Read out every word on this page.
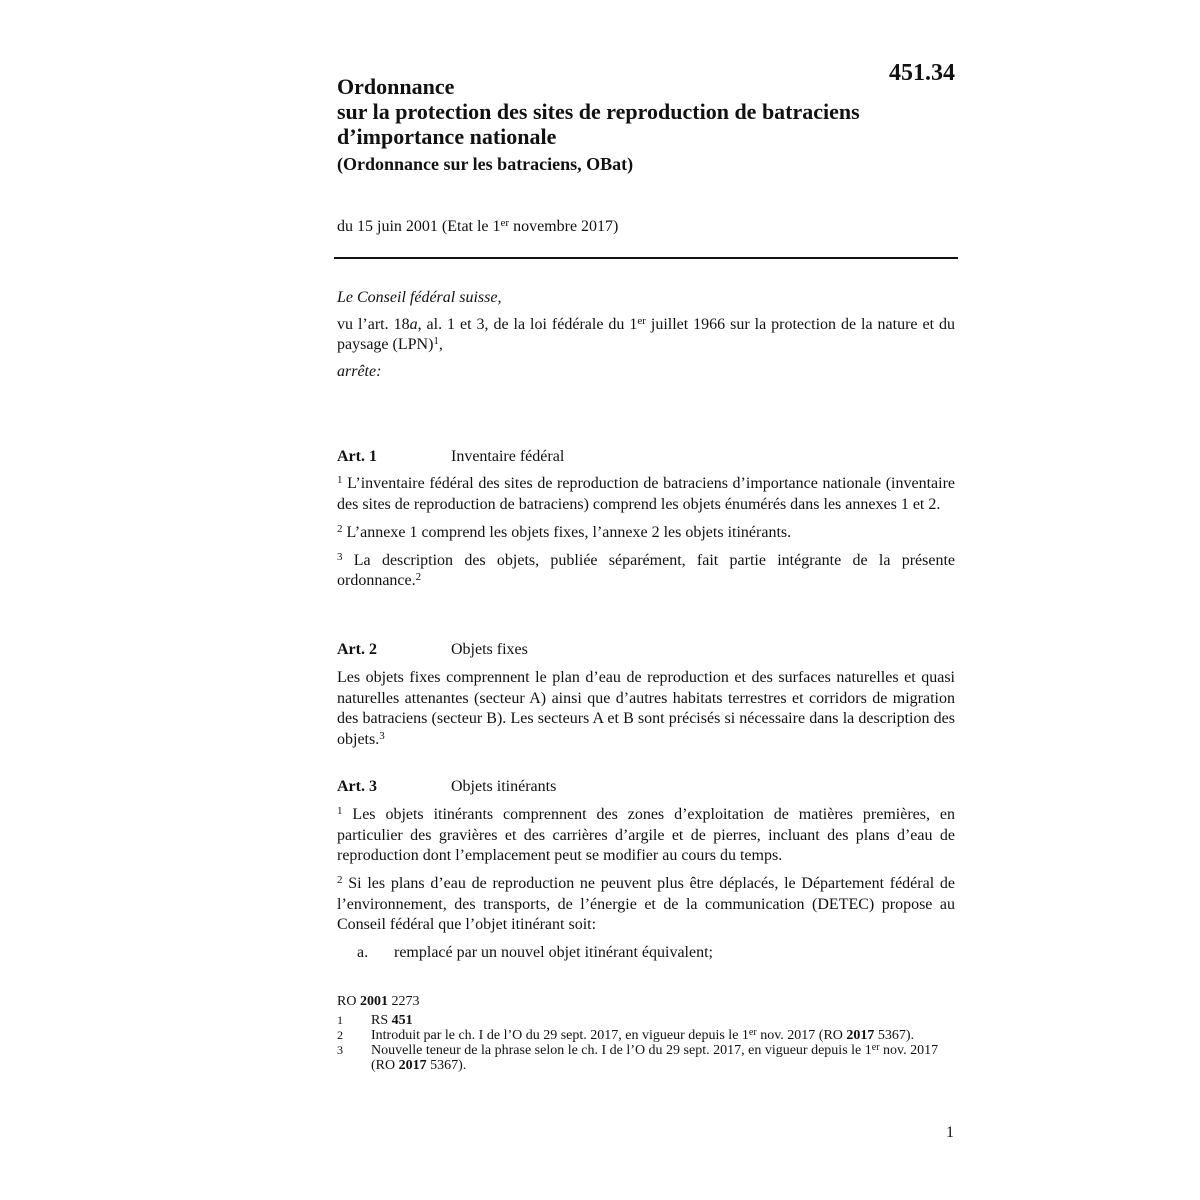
451.34
Ordonnance
sur la protection des sites de reproduction de batraciens
d’importance nationale
(Ordonnance sur les batraciens, OBat)
du 15 juin 2001 (Etat le 1er novembre 2017)

Le Conseil fédéral suisse,

vu l’art. 18a, al. 1 et 3, de la loi fédérale du 1er juillet 1966 sur la protection de la nature et du paysage (LPN)$^1$,

arrête:

Art. 1	Inventaire fédéral

$^1$ L’inventaire fédéral des sites de reproduction de batraciens d’importance nationale (inventaire des sites de reproduction de batraciens) comprend les objets énumérés dans les annexes 1 et 2.

$^2$ L’annexe 1 comprend les objets fixes, l’annexe 2 les objets itinérants.

$^3$ La description des objets, publiée séparément, fait partie intégrante de la présente ordonnance.$^2$

Art. 2	Objets fixes

Les objets fixes comprennent le plan d’eau de reproduction et des surfaces naturelles et quasi naturelles attenantes (secteur A) ainsi que d’autres habitats terrestres et corridors de migration des batraciens (secteur B). Les secteurs A et B sont précisés si nécessaire dans la description des objets.$^3$

Art. 3	Objets itinérants

$^1$ Les objets itinérants comprennent des zones d’exploitation de matières premières, en particulier des gravières et des carrières d’argile et de pierres, incluant des plans d’eau de reproduction dont l’emplacement peut se modifier au cours du temps.

$^2$ Si les plans d’eau de reproduction ne peuvent plus être déplacés, le Département fédéral de l’environnement, des transports, de l’énergie et de la communication (DETEC) propose au Conseil fédéral que l’objet itinérant soit:

a.	remplacé par un nouvel objet itinérant équivalent;
RO 2001 2273
1	RS 451
2	Introduit par le ch. I de l’O du 29 sept. 2017, en vigueur depuis le 1er nov. 2017 (RO 2017 5367).
3	Nouvelle teneur de la phrase selon le ch. I de l’O du 29 sept. 2017, en vigueur depuis le 1er nov. 2017 (RO 2017 5367).
1
